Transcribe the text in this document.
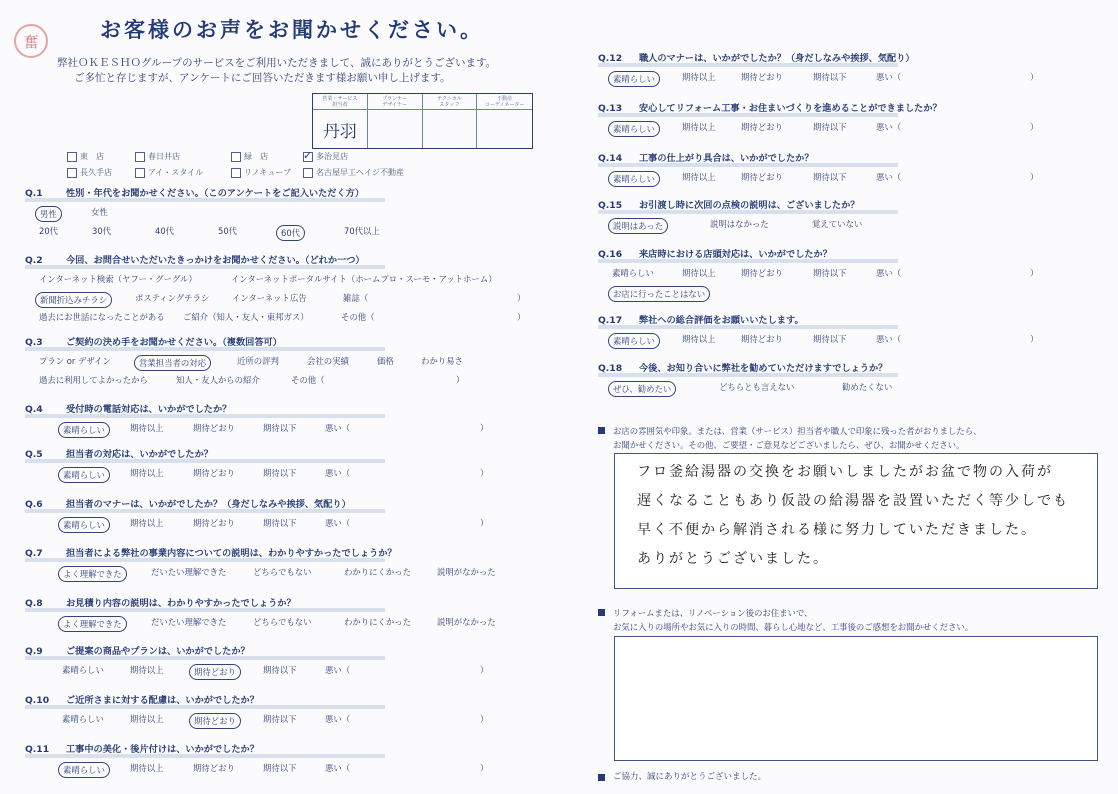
奮	お客様のお声をお聞かせください。
弊社ＯＫＥＳＨＯグループのサービスをご利用いただきまして、誠にありがとうございます。
ご多忙と存じますが、アンケートにご回答いただきます様お願い申し上げます。
営業・サービス
担当者
丹羽
プランナー
デザイナー
テクニカル
スタッフ
不動産
コーディネーター
東　店	春日井店	緑　店
✓	多治見店
長久手店	アイ・スタイル	リノキューブ	名古屋早工ヘイジ不動産
Q.1	性別・年代をお聞かせください。（このアンケートをご記入いただく方）
男性	女性
20代	30代	40代	50代	60代	70代以上
Q.2	今回、お問合せいただいたきっかけをお聞かせください。（どれか一つ）
インターネット検索（ヤフー・グーグル）	インターネットポータルサイト（ホームプロ・スーモ・アットホーム）
新聞折込みチラシ	ポスティングチラシ	インターネット広告	雑誌（	）
過去にお世話になったことがある ご紹介（知人・友人・東邦ガス）	その他（	）
Q.3	ご契約の決め手をお聞かせください。（複数回答可）
プラン or デザイン	営業担当者の対応	近所の評判	会社の実績	価格	わかり易さ
過去に利用してよかったから	知人・友人からの紹介	その他（	）
Q.4	受付時の電話対応は、いかがでしたか？
素晴らしい	期待以上	期待どおり	期待以下	悪い（	）
Q.5	担当者の対応は、いかがでしたか？
素晴らしい	期待以上	期待どおり	期待以下	悪い（	）
Q.6	担当者のマナーは、いかがでしたか？（身だしなみや挨拶、気配り）
素晴らしい	期待以上	期待どおり	期待以下	悪い（	）
Q.7	担当者による弊社の事業内容についての説明は、わかりやすかったでしょうか？
よく理解できた	だいたい理解できた	どちらでもない	わかりにくかった	説明がなかった
Q.8	お見積り内容の説明は、わかりやすかったでしょうか？
よく理解できた	だいたい理解できた	どちらでもない	わかりにくかった	説明がなかった
Q.9	ご提案の商品やプランは、いかがでしたか？
素晴らしい	期待以上	期待どおり	期待以下	悪い（	）
Q.10	ご近所さまに対する配慮は、いかがでしたか？
素晴らしい	期待以上	期待どおり	期待以下	悪い（	）
Q.11	工事中の美化・後片付けは、いかがでしたか？
素晴らしい	期待以上	期待どおり	期待以下	悪い（	）
Q.12	職人のマナーは、いかがでしたか？（身だしなみや挨拶、気配り）
素晴らしい	期待以上	期待どおり	期待以下	悪い（	）
Q.13	安心してリフォーム工事・お住まいづくりを進めることができましたか？
素晴らしい	期待以上	期待どおり	期待以下	悪い（	）
Q.14	工事の仕上がり具合は、いかがでしたか？
素晴らしい	期待以上	期待どおり	期待以下	悪い（	）
Q.15	お引渡し時に次回の点検の説明は、ございましたか？
説明はあった	説明はなかった	覚えていない
Q.16	来店時における店頭対応は、いかがでしたか？
素晴らしい	期待以上	期待どおり	期待以下	悪い（	）
お店に行ったことはない
Q.17	弊社への総合評価をお願いいたします。
素晴らしい	期待以上	期待どおり	期待以下	悪い（	）
Q.18	今後、お知り合いに弊社を勧めていただけますでしょうか？
ぜひ、勧めたい	どちらとも言えない	勧めたくない
お店の雰囲気や印象。または、営業（サービス）担当者や職人で印象に残った者がおりましたら、
お聞かせください。その他、ご要望・ご意見などございましたら、ぜひ、お聞かせください。
フロ釜給湯器の交換をお願いしましたがお盆で物の入荷が
遅くなることもあり仮設の給湯器を設置いただく等少しでも
早く不便から解消される様に努力していただきました。
ありがとうございました。
リフォームまたは、リノベーション後のお住まいで、
お気に入りの場所やお気に入りの時間、暮らし心地など、工事後のご感想をお聞かせください。
ご協力、誠にありがとうございました。
